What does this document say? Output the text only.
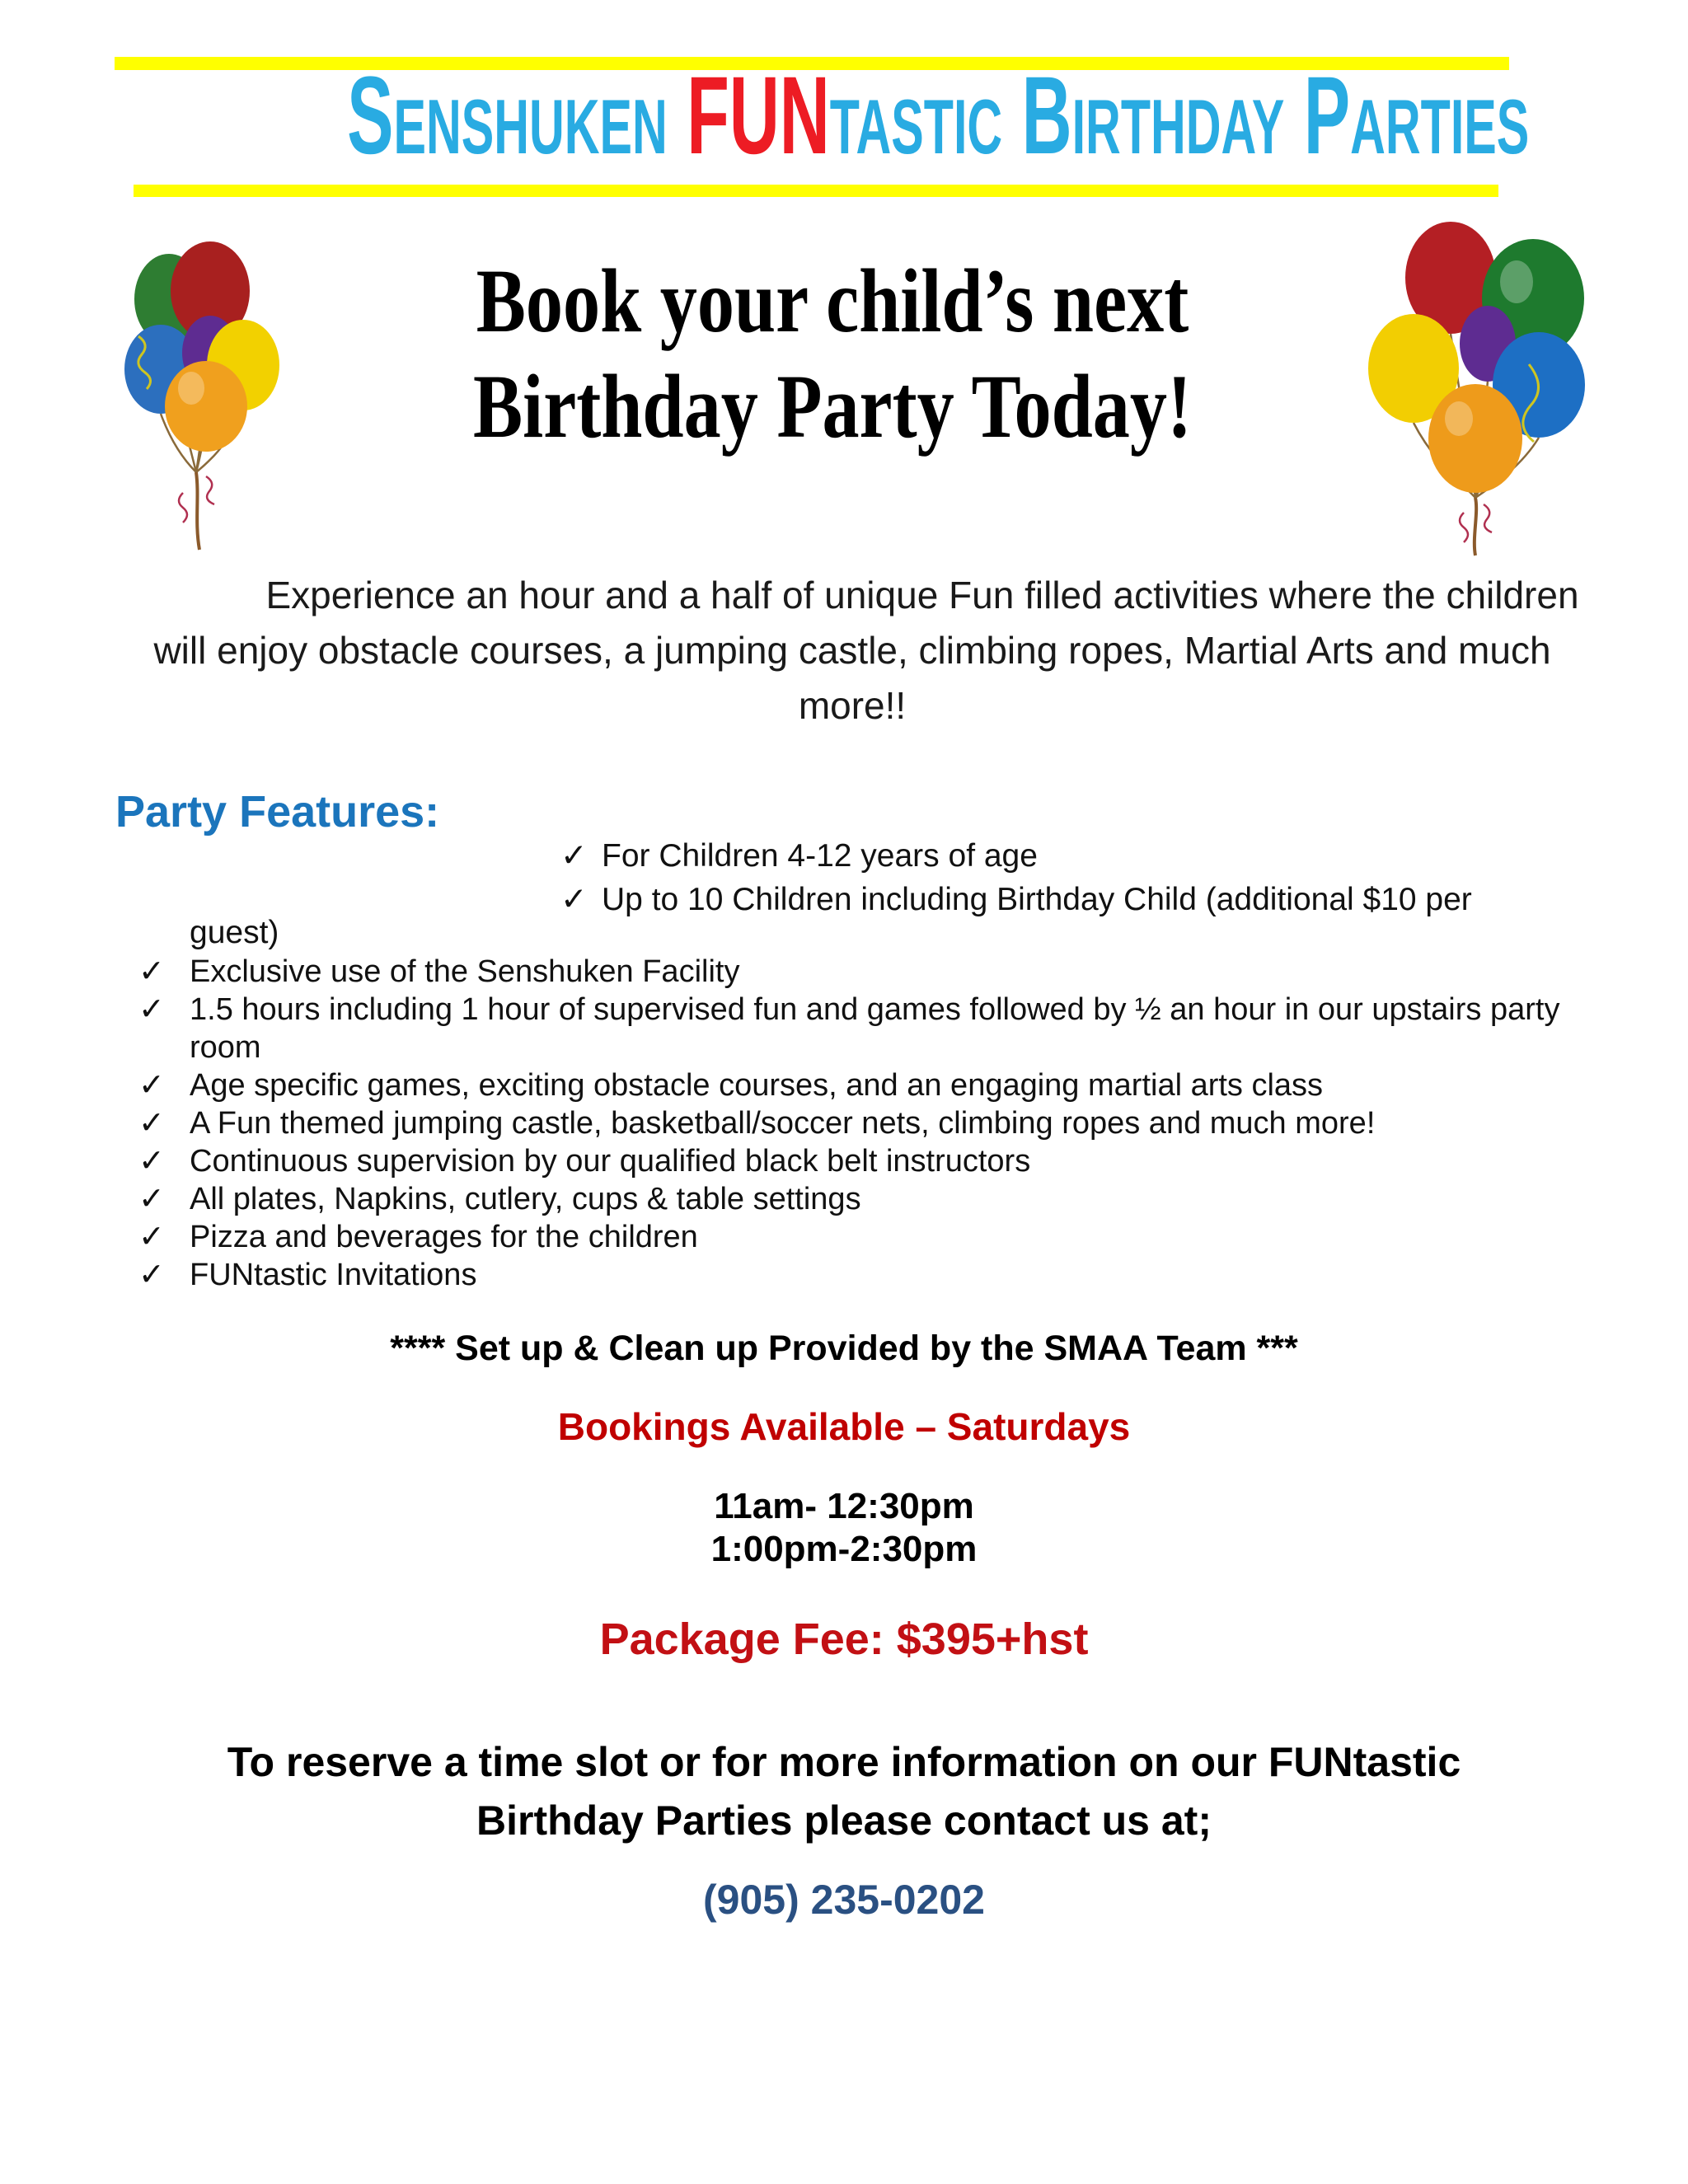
Senshuken FUNtastic Birthday Parties
Book your child’s next
Birthday Party Today!

Experience an hour and a half of unique Fun filled activities where the children will enjoy obstacle courses, a jumping castle, climbing ropes, Martial Arts and much more!!

Party Features:
✓ For Children 4-12 years of age
✓ Up to 10 Children including Birthday Child (additional $10 per
guest)
✓ Exclusive use of the Senshuken Facility
✓ 1.5 hours including 1 hour of supervised fun and games followed by ½ an hour in our upstairs party room
✓ Age specific games, exciting obstacle courses, and an engaging martial arts class
✓ A Fun themed jumping castle, basketball/soccer nets, climbing ropes and much more!
✓ Continuous supervision by our qualified black belt instructors
✓ All plates, Napkins, cutlery, cups & table settings
✓ Pizza and beverages for the children
✓ FUNtastic Invitations
**** Set up & Clean up Provided by the SMAA Team ***
Bookings Available – Saturdays
11am- 12:30pm
1:00pm-2:30pm
Package Fee: $395+hst
To reserve a time slot or for more information on our FUNtastic
Birthday Parties please contact us at;
(905) 235-0202
